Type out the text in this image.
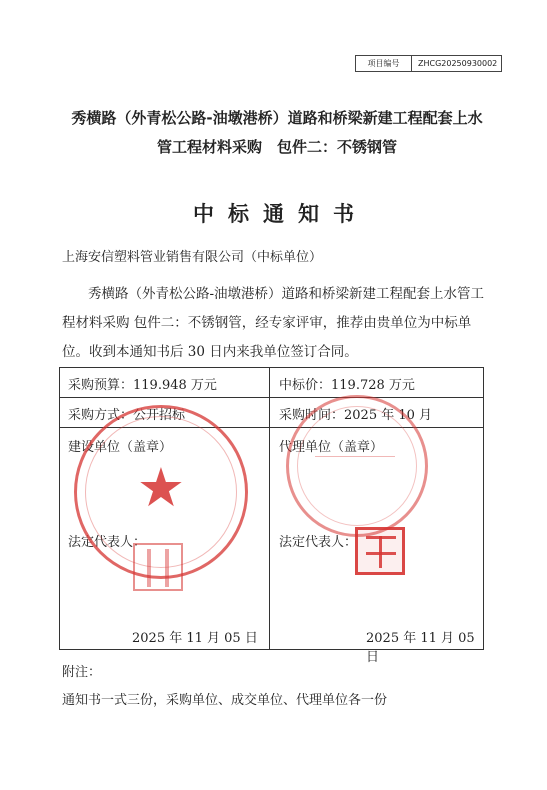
项目编号	ZHCG20250930002
秀横路（外青松公路-油墩港桥）道路和桥梁新建工程配套上水
管工程材料采购　包件二：不锈钢管
中标通知书
上海安信塑料管业销售有限公司（中标单位）
秀横路（外青松公路-油墩港桥）道路和桥梁新建工程配套上水管工程材料采购 包件二：不锈钢管，经专家评审，推荐由贵单位为中标单位。收到本通知书后 30 日内来我单位签订合同。
采购预算：119.948 万元	中标价：119.728 万元
采购方式：公开招标	采购时间：2025 年 10 月
建设单位（盖章）	代理单位（盖章）
法定代表人：	法定代表人：
2025 年 11 月 05 日	2025 年 11 月 05 日
★
附注：
通知书一式三份，采购单位、成交单位、代理单位各一份
